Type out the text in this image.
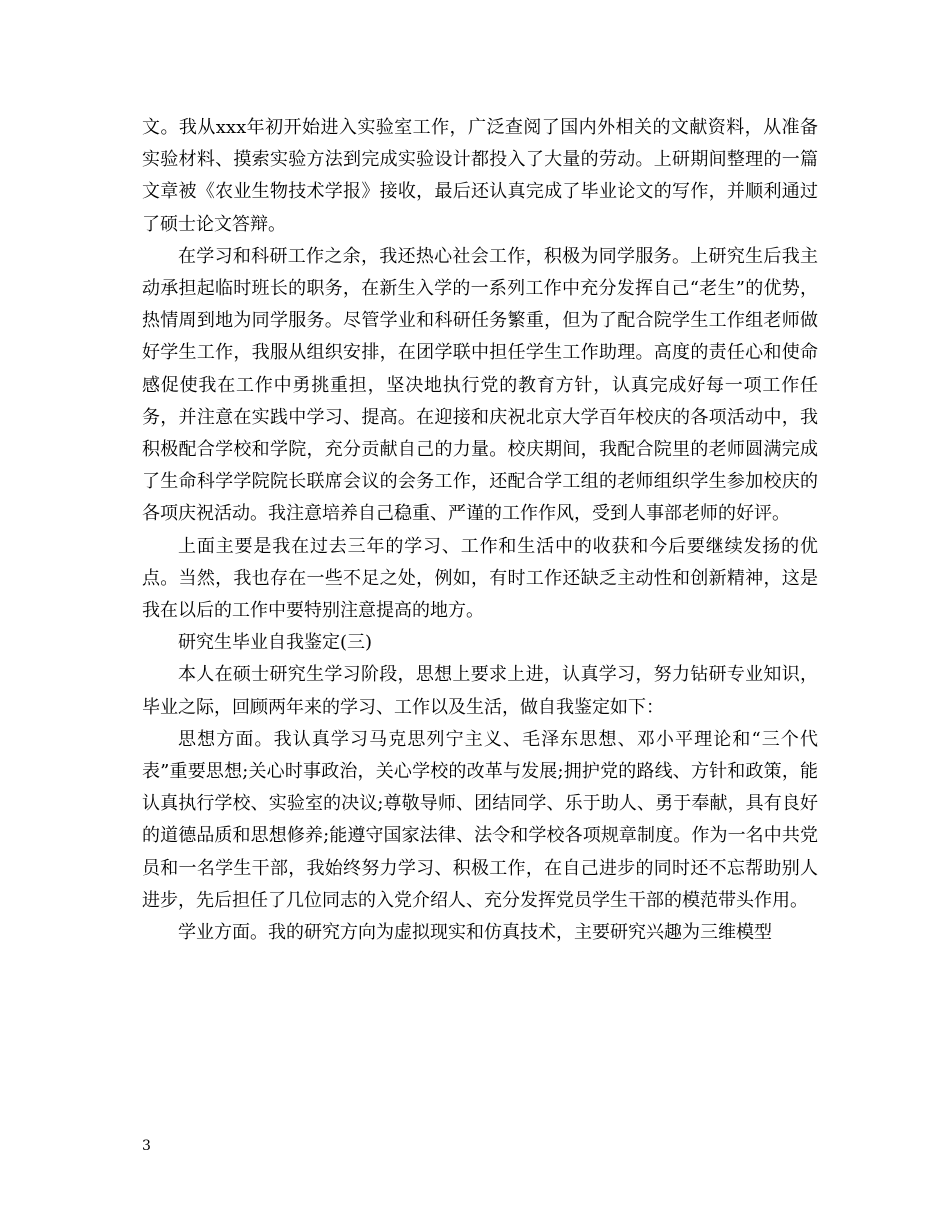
文。我从xxx年初开始进入实验室工作，广泛查阅了国内外相关的文献资料，从准备实验材料、摸索实验方法到完成实验设计都投入了大量的劳动。上研期间整理的一篇文章被《农业生物技术学报》接收，最后还认真完成了毕业论文的写作，并顺利通过了硕士论文答辩。

在学习和科研工作之余，我还热心社会工作，积极为同学服务。上研究生后我主动承担起临时班长的职务，在新生入学的一系列工作中充分发挥自己“老生”的优势，热情周到地为同学服务。尽管学业和科研任务繁重，但为了配合院学生工作组老师做好学生工作，我服从组织安排，在团学联中担任学生工作助理。高度的责任心和使命感促使我在工作中勇挑重担，坚决地执行党的教育方针，认真完成好每一项工作任务，并注意在实践中学习、提高。在迎接和庆祝北京大学百年校庆的各项活动中，我积极配合学校和学院，充分贡献自己的力量。校庆期间，我配合院里的老师圆满完成了生命科学学院院长联席会议的会务工作，还配合学工组的老师组织学生参加校庆的各项庆祝活动。我注意培养自己稳重、严谨的工作作风，受到人事部老师的好评。

上面主要是我在过去三年的学习、工作和生活中的收获和今后要继续发扬的优点。当然，我也存在一些不足之处，例如，有时工作还缺乏主动性和创新精神，这是我在以后的工作中要特别注意提高的地方。

研究生毕业自我鉴定(三)

本人在硕士研究生学习阶段，思想上要求上进，认真学习，努力钻研专业知识，毕业之际，回顾两年来的学习、工作以及生活，做自我鉴定如下：

思想方面。我认真学习马克思列宁主义、毛泽东思想、邓小平理论和“三个代表”重要思想;关心时事政治，关心学校的改革与发展;拥护党的路线、方针和政策，能认真执行学校、实验室的决议;尊敬导师、团结同学、乐于助人、勇于奉献，具有良好的道德品质和思想修养;能遵守国家法律、法令和学校各项规章制度。作为一名中共党员和一名学生干部，我始终努力学习、积极工作，在自己进步的同时还不忘帮助别人进步，先后担任了几位同志的入党介绍人、充分发挥党员学生干部的模范带头作用。

学业方面。我的研究方向为虚拟现实和仿真技术，主要研究兴趣为三维模型

3
